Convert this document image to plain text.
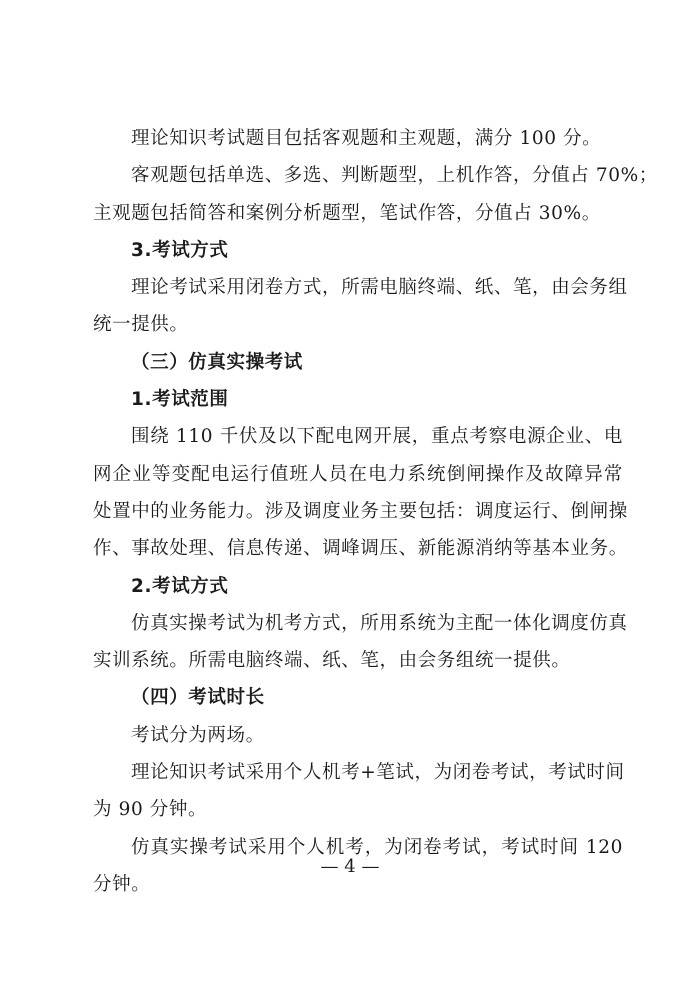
理论知识考试题目包括客观题和主观题，满分 100 分。
客观题包括单选、多选、判断题型，上机作答，分值占 70%；
主观题包括简答和案例分析题型，笔试作答，分值占 30%。
3.考试方式
理论考试采用闭卷方式，所需电脑终端、纸、笔，由会务组
统一提供。
（三）仿真实操考试
1.考试范围
围绕 110 千伏及以下配电网开展，重点考察电源企业、电
网企业等变配电运行值班人员在电力系统倒闸操作及故障异常
处置中的业务能力。涉及调度业务主要包括：调度运行、倒闸操
作、事故处理、信息传递、调峰调压、新能源消纳等基本业务。
2.考试方式
仿真实操考试为机考方式，所用系统为主配一体化调度仿真
实训系统。所需电脑终端、纸、笔，由会务组统一提供。
（四）考试时长
考试分为两场。
理论知识考试采用个人机考+笔试，为闭卷考试，考试时间
为 90 分钟。
仿真实操考试采用个人机考，为闭卷考试，考试时间 120
分钟。
— 4 —
